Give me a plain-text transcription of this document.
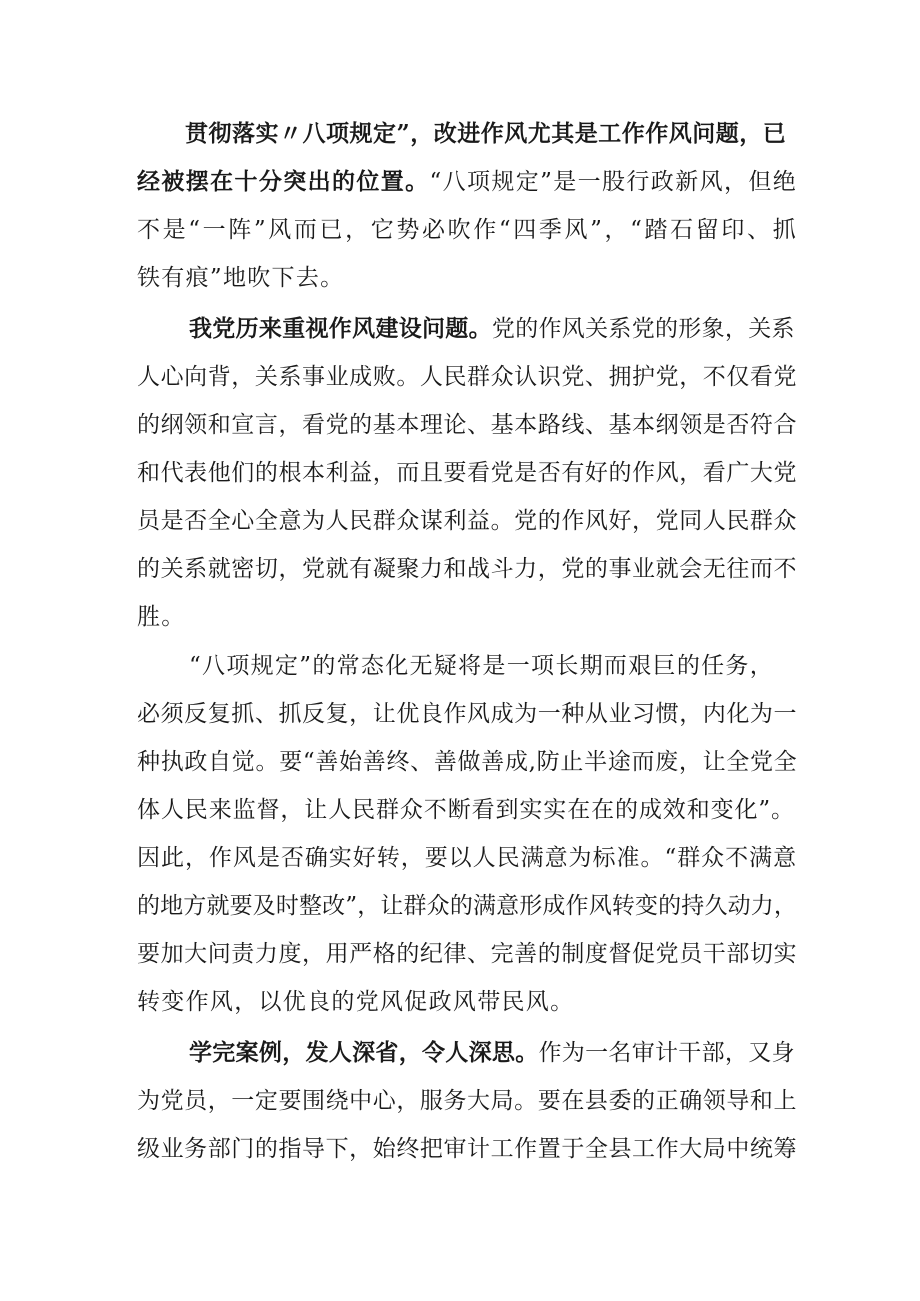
贯彻落实〃八项规定”，改进作风尤其是工作作风问题，已
经被摆在十分突出的位置。“八项规定”是一股行政新风，但绝
不是“一阵”风而已，它势必吹作“四季风”，“踏石留印、抓
铁有痕”地吹下去。
我党历来重视作风建设问题。党的作风关系党的形象，关系
人心向背，关系事业成败。人民群众认识党、拥护党，不仅看党
的纲领和宣言，看党的基本理论、基本路线、基本纲领是否符合
和代表他们的根本利益，而且要看党是否有好的作风，看广大党
员是否全心全意为人民群众谋利益。党的作风好，党同人民群众
的关系就密切，党就有凝聚力和战斗力，党的事业就会无往而不
胜。
“八项规定”的常态化无疑将是一项长期而艰巨的任务，
必须反复抓、抓反复，让优良作风成为一种从业习惯，内化为一
种执政自觉。要“善始善终、善做善成,防止半途而废，让全党全
体人民来监督，让人民群众不断看到实实在在的成效和变化”。
因此，作风是否确实好转，要以人民满意为标准。“群众不满意
的地方就要及时整改”，让群众的满意形成作风转变的持久动力，
要加大问责力度，用严格的纪律、完善的制度督促党员干部切实
转变作风，以优良的党风促政风带民风。
学完案例，发人深省，令人深思。作为一名审计干部，又身
为党员，一定要围绕中心，服务大局。要在县委的正确领导和上
级业务部门的指导下，始终把审计工作置于全县工作大局中统筹
